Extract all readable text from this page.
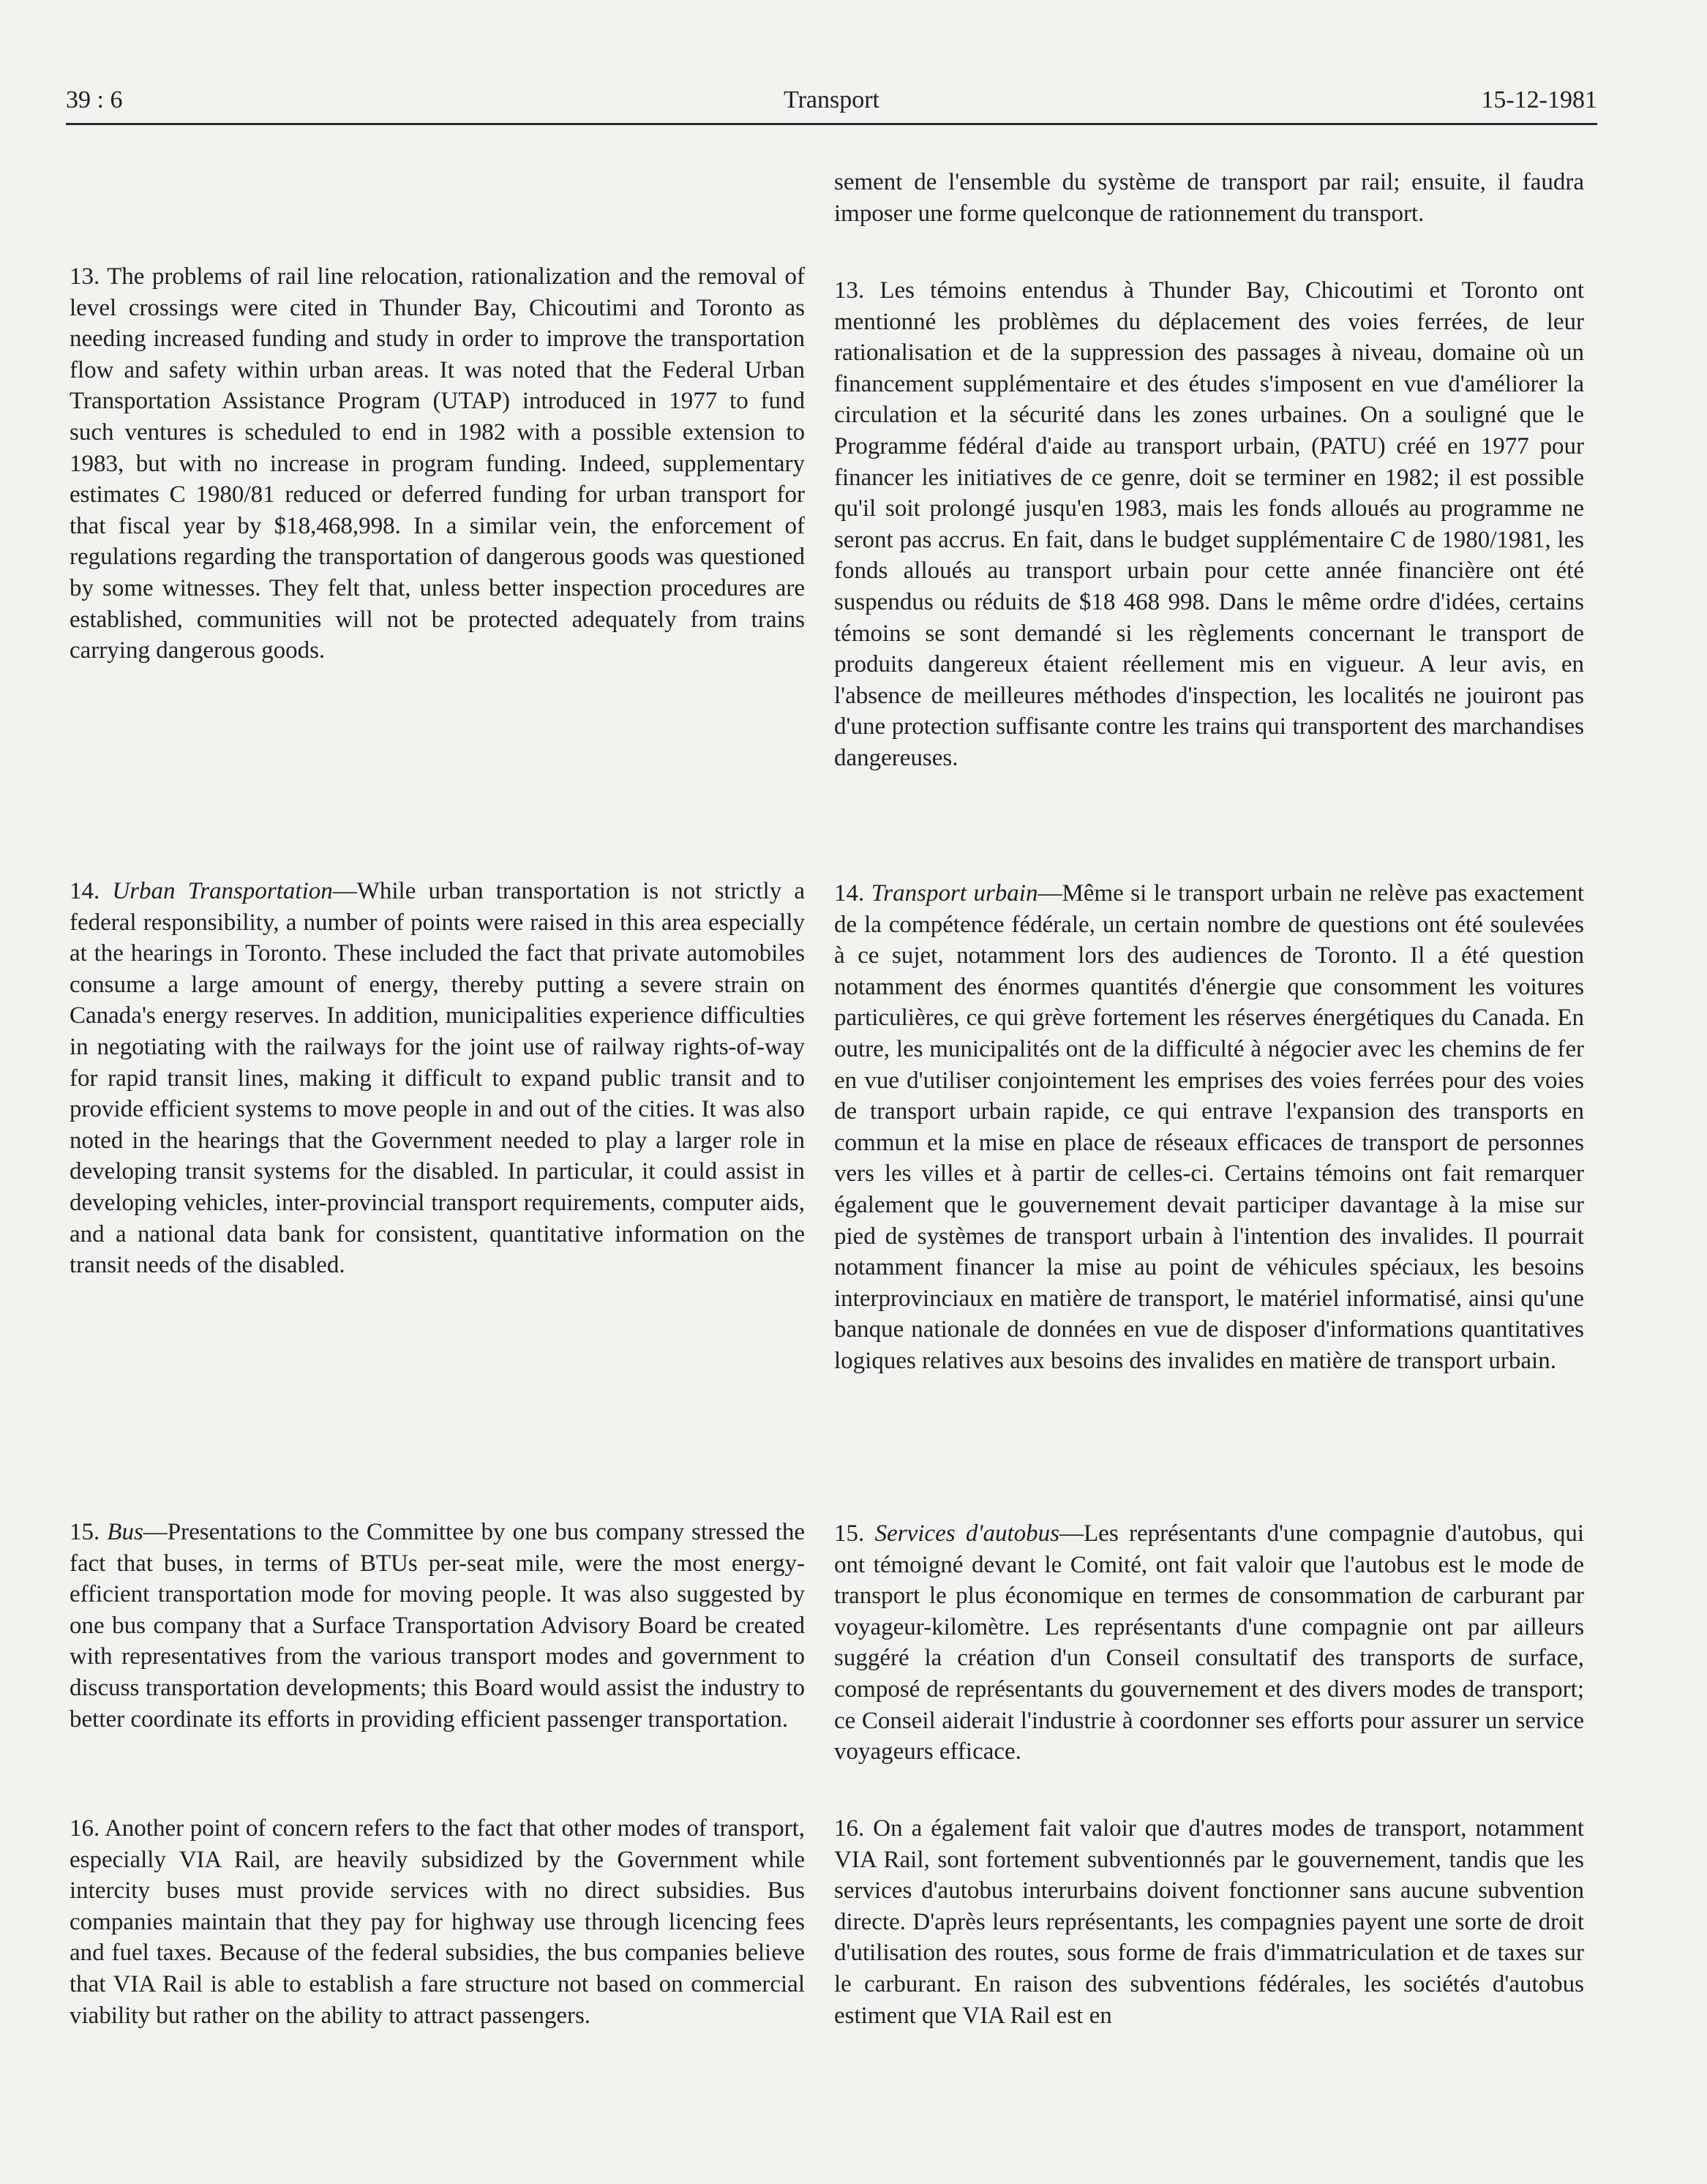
39 : 6	Transport	15-12-1981

13. The problems of rail line relocation, rationalization and the removal of level crossings were cited in Thunder Bay, Chicoutimi and Toronto as needing increased funding and study in order to improve the transportation flow and safety within urban areas. It was noted that the Federal Urban Transportation Assistance Program (UTAP) introduced in 1977 to fund such ventures is scheduled to end in 1982 with a possible extension to 1983, but with no increase in program funding. Indeed, supplementary estimates C 1980/81 reduced or deferred funding for urban transport for that fiscal year by $18,468,998. In a similar vein, the enforcement of regulations regarding the transportation of dangerous goods was questioned by some witnesses. They felt that, unless better inspection procedures are established, communities will not be protected adequately from trains carrying dangerous goods.

14. Urban Transportation—While urban transportation is not strictly a federal responsibility, a number of points were raised in this area especially at the hearings in Toronto. These included the fact that private automobiles consume a large amount of energy, thereby putting a severe strain on Canada's energy reserves. In addition, municipalities experience difficulties in negotiating with the railways for the joint use of railway rights-of-way for rapid transit lines, making it difficult to expand public transit and to provide efficient systems to move people in and out of the cities. It was also noted in the hearings that the Government needed to play a larger role in developing transit systems for the disabled. In particular, it could assist in developing vehicles, inter-provincial transport requirements, computer aids, and a national data bank for consistent, quantitative information on the transit needs of the disabled.

15. Bus—Presentations to the Committee by one bus company stressed the fact that buses, in terms of BTUs per-seat mile, were the most energy-efficient transportation mode for moving people. It was also suggested by one bus company that a Surface Transportation Advisory Board be created with representatives from the various transport modes and government to discuss transportation developments; this Board would assist the industry to better coordinate its efforts in providing efficient passenger transportation.

16. Another point of concern refers to the fact that other modes of transport, especially VIA Rail, are heavily subsidized by the Government while intercity buses must provide services with no direct subsidies. Bus companies maintain that they pay for highway use through licencing fees and fuel taxes. Because of the federal subsidies, the bus companies believe that VIA Rail is able to establish a fare structure not based on commercial viability but rather on the ability to attract passengers.

sement de l'ensemble du système de transport par rail; ensuite, il faudra imposer une forme quelconque de rationnement du transport.

13. Les témoins entendus à Thunder Bay, Chicoutimi et Toronto ont mentionné les problèmes du déplacement des voies ferrées, de leur rationalisation et de la suppression des passages à niveau, domaine où un financement supplémentaire et des études s'imposent en vue d'améliorer la circulation et la sécurité dans les zones urbaines. On a souligné que le Programme fédéral d'aide au transport urbain, (PATU) créé en 1977 pour financer les initiatives de ce genre, doit se terminer en 1982; il est possible qu'il soit prolongé jusqu'en 1983, mais les fonds alloués au programme ne seront pas accrus. En fait, dans le budget supplémentaire C de 1980/1981, les fonds alloués au transport urbain pour cette année financière ont été suspendus ou réduits de $18 468 998. Dans le même ordre d'idées, certains témoins se sont demandé si les règlements concernant le transport de produits dangereux étaient réellement mis en vigueur. A leur avis, en l'absence de meilleures méthodes d'inspection, les localités ne jouiront pas d'une protection suffisante contre les trains qui transportent des marchandises dangereuses.

14. Transport urbain—Même si le transport urbain ne relève pas exactement de la compétence fédérale, un certain nombre de questions ont été soulevées à ce sujet, notamment lors des audiences de Toronto. Il a été question notamment des énormes quantités d'énergie que consomment les voitures particulières, ce qui grève fortement les réserves énergétiques du Canada. En outre, les municipalités ont de la difficulté à négocier avec les chemins de fer en vue d'utiliser conjointement les emprises des voies ferrées pour des voies de transport urbain rapide, ce qui entrave l'expansion des transports en commun et la mise en place de réseaux efficaces de transport de personnes vers les villes et à partir de celles-ci. Certains témoins ont fait remarquer également que le gouvernement devait participer davantage à la mise sur pied de systèmes de transport urbain à l'intention des invalides. Il pourrait notamment financer la mise au point de véhicules spéciaux, les besoins interprovinciaux en matière de transport, le matériel informatisé, ainsi qu'une banque nationale de données en vue de disposer d'informations quantitatives logiques relatives aux besoins des invalides en matière de transport urbain.

15. Services d'autobus—Les représentants d'une compagnie d'autobus, qui ont témoigné devant le Comité, ont fait valoir que l'autobus est le mode de transport le plus économique en termes de consommation de carburant par voyageur-kilomètre. Les représentants d'une compagnie ont par ailleurs suggéré la création d'un Conseil consultatif des transports de surface, composé de représentants du gouvernement et des divers modes de transport; ce Conseil aiderait l'industrie à coordonner ses efforts pour assurer un service voyageurs efficace.

16. On a également fait valoir que d'autres modes de transport, notamment VIA Rail, sont fortement subventionnés par le gouvernement, tandis que les services d'autobus interurbains doivent fonctionner sans aucune subvention directe. D'après leurs représentants, les compagnies payent une sorte de droit d'utilisation des routes, sous forme de frais d'immatriculation et de taxes sur le carburant. En raison des subventions fédérales, les sociétés d'autobus estiment que VIA Rail est en
